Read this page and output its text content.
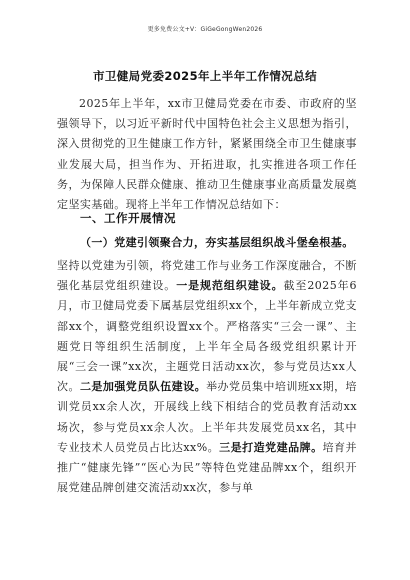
更多免费公文+V：GiGeGongWen2026
市卫健局党委2025年上半年工作情况总结

2025年上半年，xx市卫健局党委在市委、市政府的坚强领导下，以习近平新时代中国特色社会主义思想为指引，深入贯彻党的卫生健康工作方针，紧紧围绕全市卫生健康事业发展大局，担当作为、开拓进取，扎实推进各项工作任务，为保障人民群众健康、推动卫生健康事业高质量发展奠定坚实基础。现将上半年工作情况总结如下：

一、工作开展情况
（一）党建引领聚合力，夯实基层组织战斗堡垒根基。

坚持以党建为引领，将党建工作与业务工作深度融合，不断强化基层党组织建设。一是规范组织建设。截至2025年6月，市卫健局党委下属基层党组织xx个，上半年新成立党支部xx个，调整党组织设置xx个。严格落实“三会一课”、主题党日等组织生活制度，上半年全局各级党组织累计开展“三会一课”xx次，主题党日活动xx次，参与党员达xx人次。二是加强党员队伍建设。举办党员集中培训班xx期，培训党员xx余人次，开展线上线下相结合的党员教育活动xx场次，参与党员xx余人次。上半年共发展党员xx名，其中专业技术人员党员占比达xx%。三是打造党建品牌。培育并推广“健康先锋”“医心为民”等特色党建品牌xx个，组织开展党建品牌创建交流活动xx次，参与单
